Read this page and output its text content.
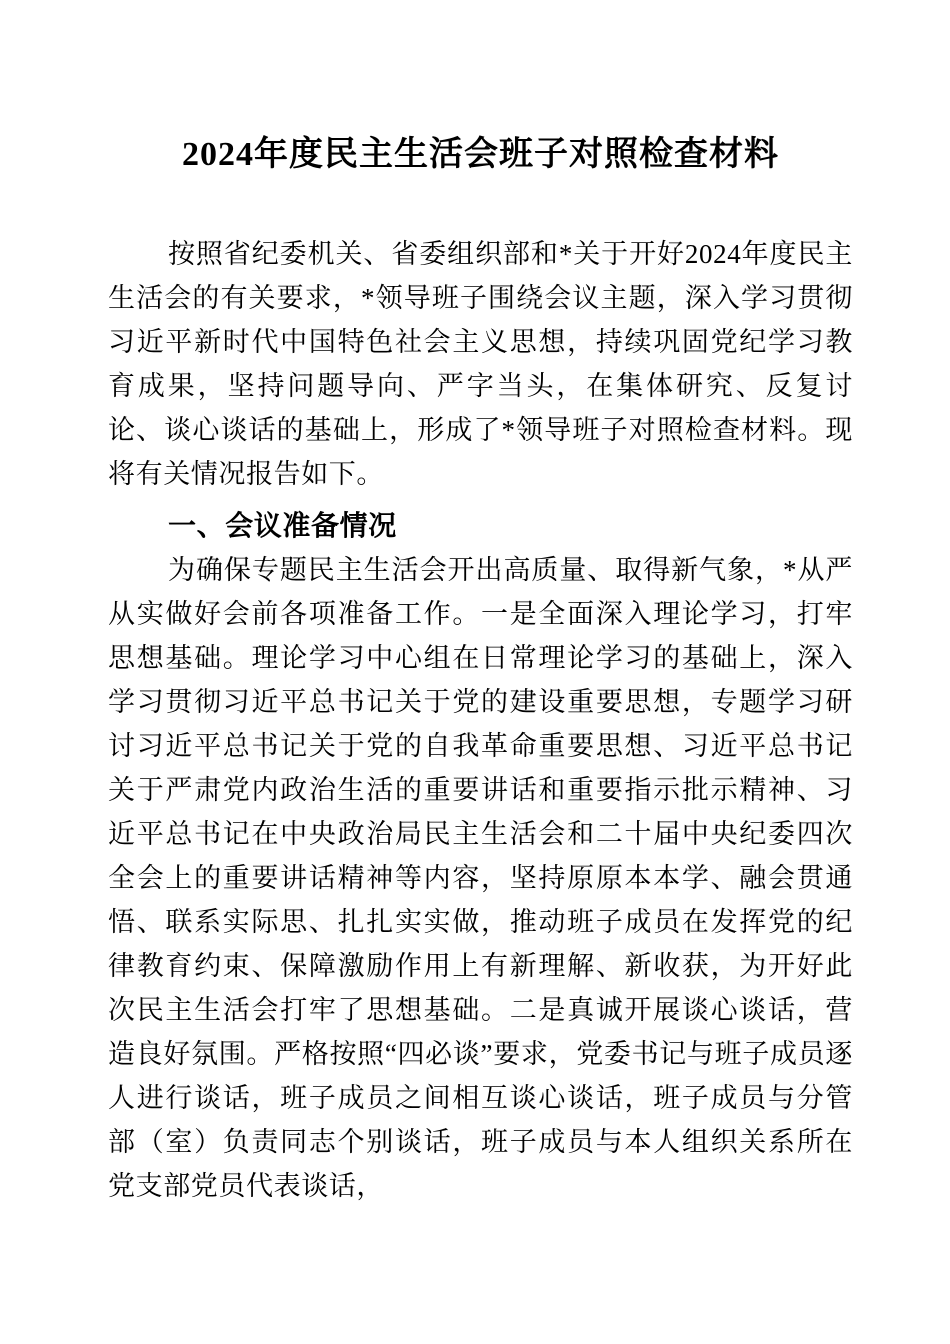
2024年度民主生活会班子对照检查材料

按照省纪委机关、省委组织部和*关于开好2024年度民主生活会的有关要求，*领导班子围绕会议主题，深入学习贯彻习近平新时代中国特色社会主义思想，持续巩固党纪学习教育成果，坚持问题导向、严字当头，在集体研究、反复讨论、谈心谈话的基础上，形成了*领导班子对照检查材料。现将有关情况报告如下。

一、会议准备情况

为确保专题民主生活会开出高质量、取得新气象，*从严从实做好会前各项准备工作。一是全面深入理论学习，打牢思想基础。理论学习中心组在日常理论学习的基础上，深入学习贯彻习近平总书记关于党的建设重要思想，专题学习研讨习近平总书记关于党的自我革命重要思想、习近平总书记关于严肃党内政治生活的重要讲话和重要指示批示精神、习近平总书记在中央政治局民主生活会和二十届中央纪委四次全会上的重要讲话精神等内容，坚持原原本本学、融会贯通悟、联系实际思、扎扎实实做，推动班子成员在发挥党的纪律教育约束、保障激励作用上有新理解、新收获，为开好此次民主生活会打牢了思想基础。二是真诚开展谈心谈话，营造良好氛围。严格按照“四必谈”要求，党委书记与班子成员逐人进行谈话，班子成员之间相互谈心谈话，班子成员与分管部（室）负责同志个别谈话，班子成员与本人组织关系所在党支部党员代表谈话，
